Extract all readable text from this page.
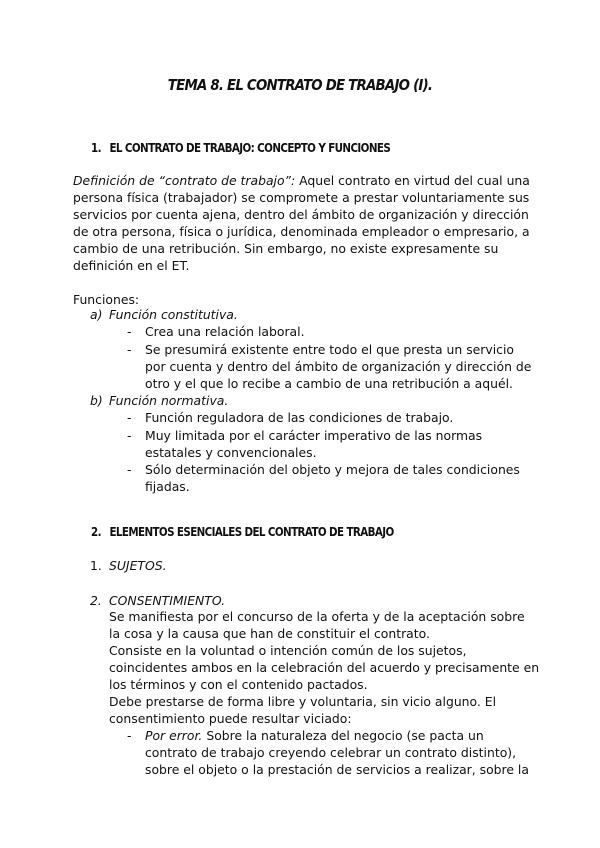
TEMA 8. EL CONTRATO DE TRABAJO (I).
1. EL CONTRATO DE TRABAJO: CONCEPTO Y FUNCIONES
Definición de “contrato de trabajo”: Aquel contrato en virtud del cual una
persona física (trabajador) se compromete a prestar voluntariamente sus
servicios por cuenta ajena, dentro del ámbito de organización y dirección
de otra persona, física o jurídica, denominada empleador o empresario, a
cambio de una retribución. Sin embargo, no existe expresamente su
definición en el ET.
Funciones:
a) Función constitutiva.
- Crea una relación laboral.
- Se presumirá existente entre todo el que presta un servicio
por cuenta y dentro del ámbito de organización y dirección de
otro y el que lo recibe a cambio de una retribución a aquél.
b) Función normativa.
- Función reguladora de las condiciones de trabajo.
- Muy limitada por el carácter imperativo de las normas
estatales y convencionales.
- Sólo determinación del objeto y mejora de tales condiciones
fijadas.
2. ELEMENTOS ESENCIALES DEL CONTRATO DE TRABAJO
1. SUJETOS.
2. CONSENTIMIENTO.
Se manifiesta por el concurso de la oferta y de la aceptación sobre
la cosa y la causa que han de constituir el contrato.
Consiste en la voluntad o intención común de los sujetos,
coincidentes ambos en la celebración del acuerdo y precisamente en
los términos y con el contenido pactados.
Debe prestarse de forma libre y voluntaria, sin vicio alguno. El
consentimiento puede resultar viciado:
- Por error. Sobre la naturaleza del negocio (se pacta un
contrato de trabajo creyendo celebrar un contrato distinto),
sobre el objeto o la prestación de servicios a realizar, sobre la
